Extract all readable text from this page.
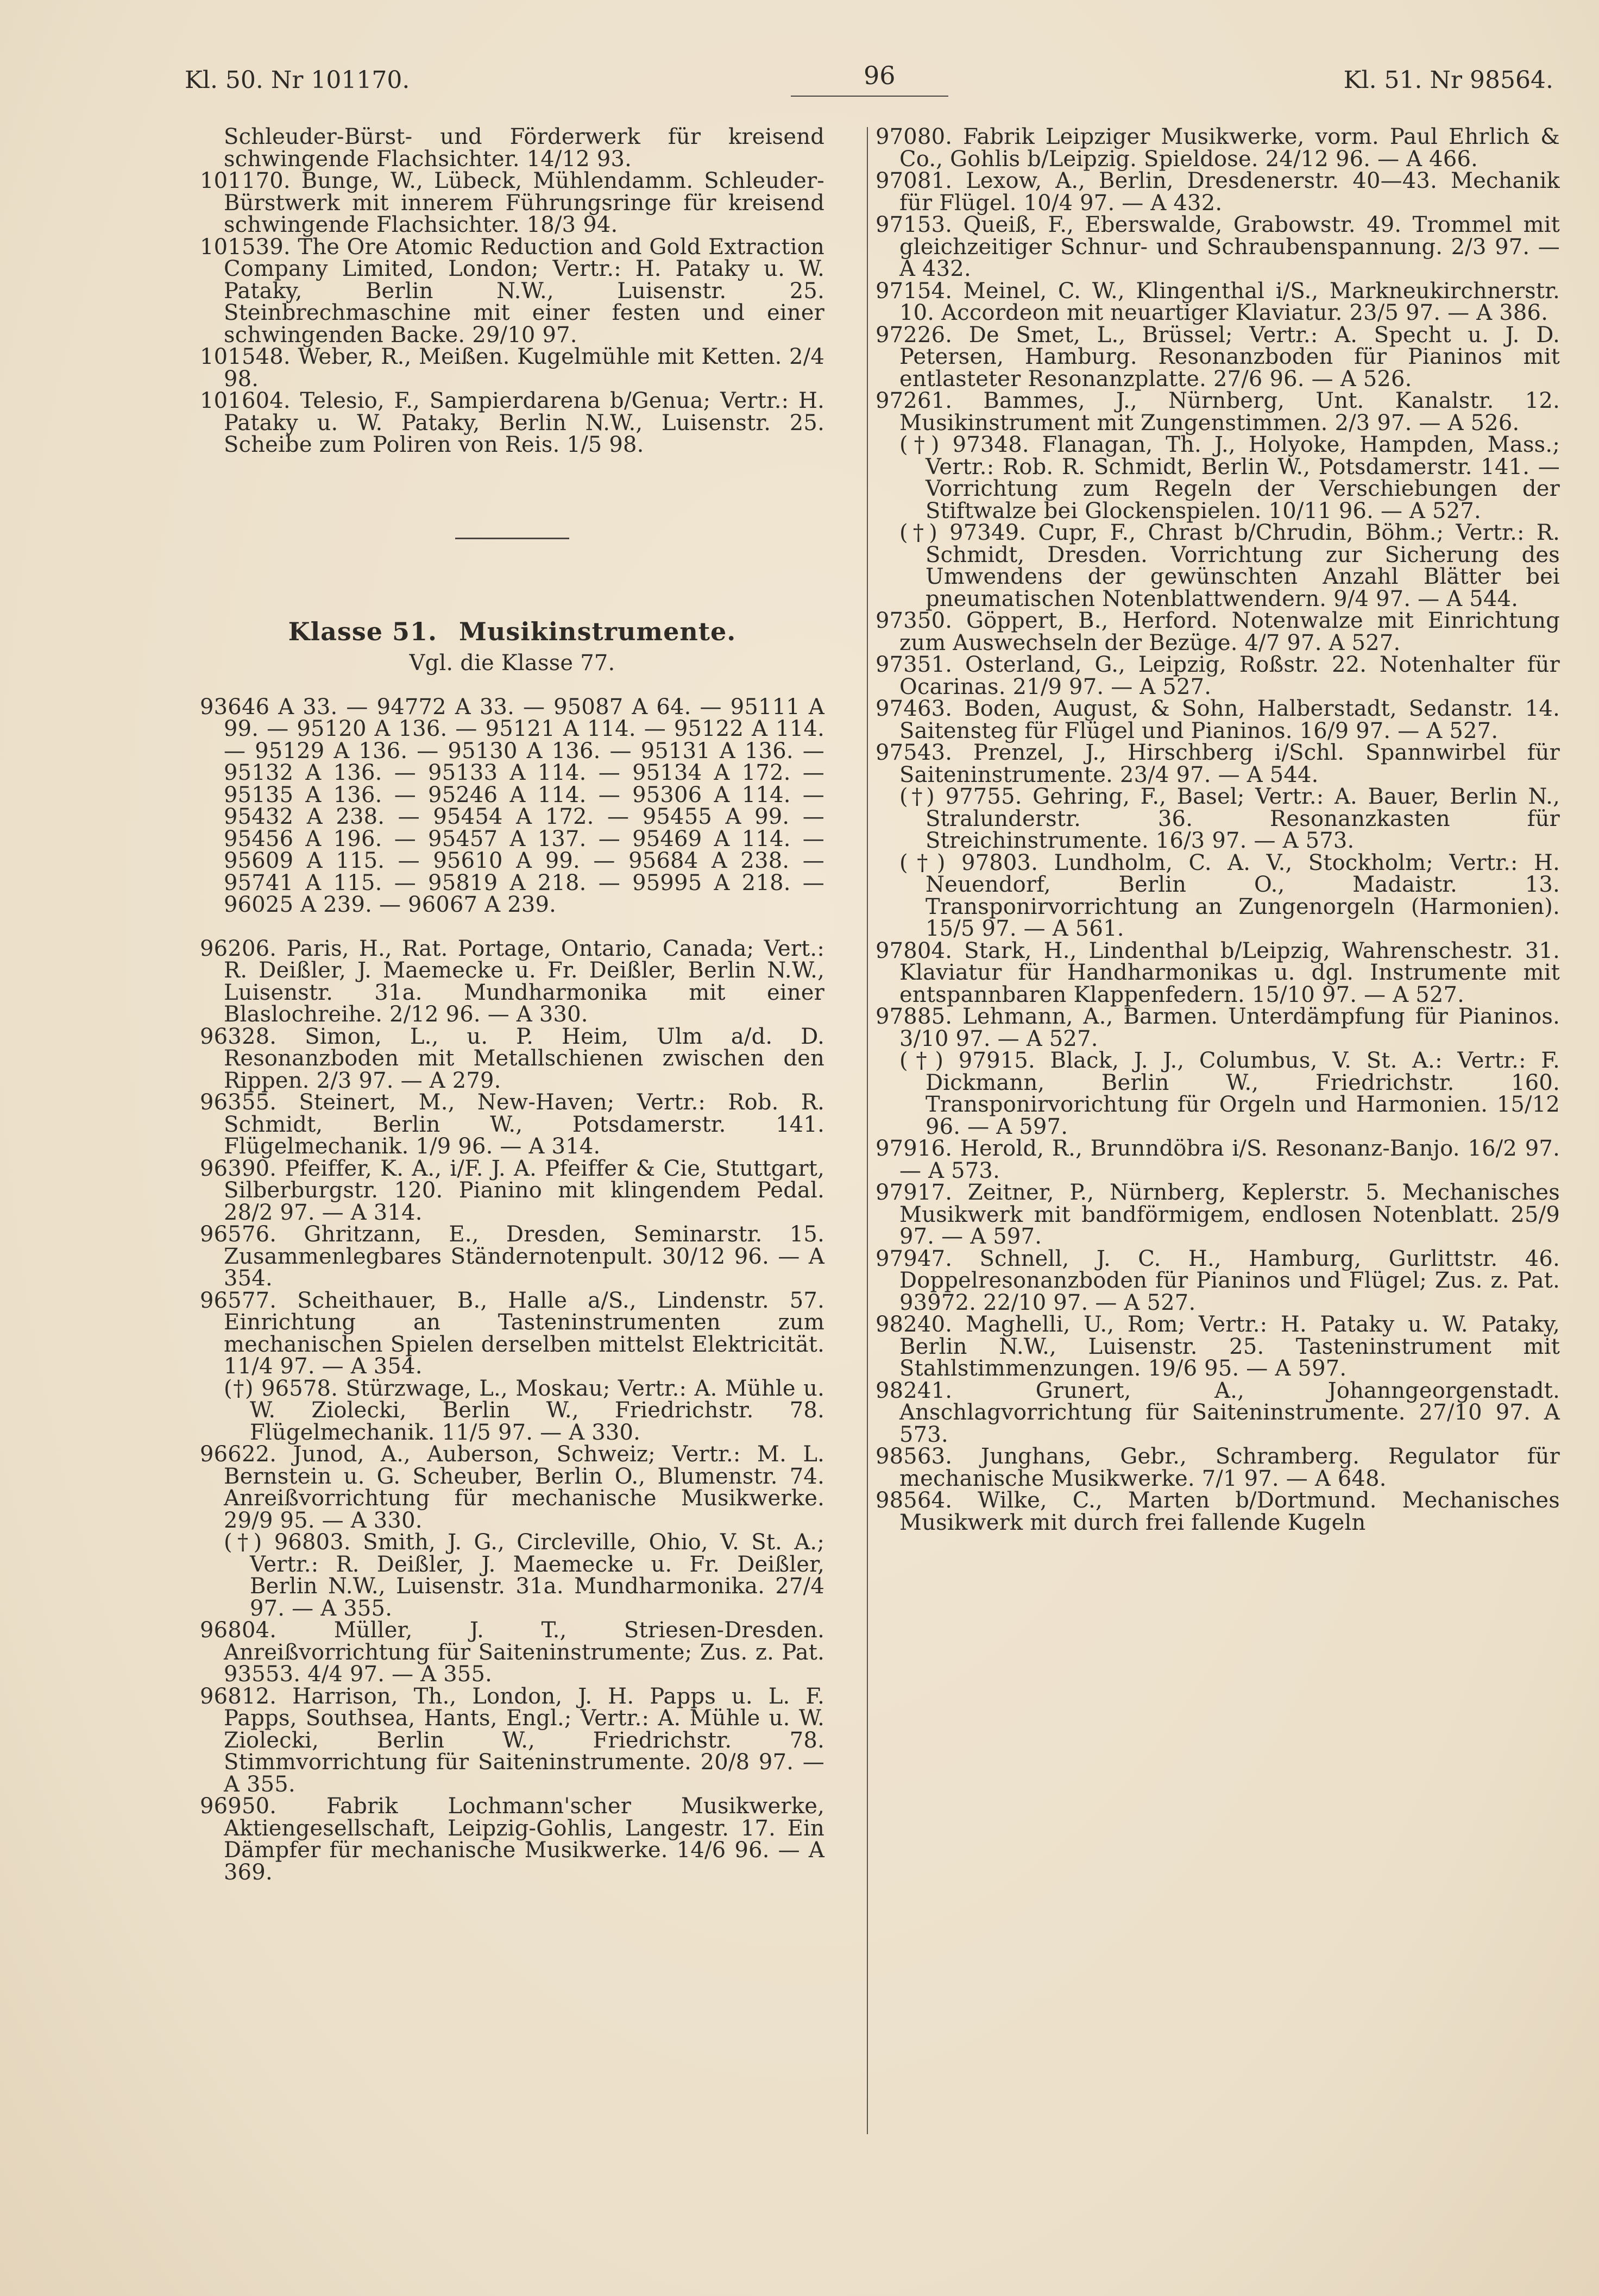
Kl. 50. Nr 101170.	96	Kl. 51. Nr 98564.

Schleuder-Bürst- und Förderwerk für kreisend schwingende Flachsichter. 14/12 93.

101170. Bunge, W., Lübeck, Mühlendamm. Schleuder-Bürstwerk mit innerem Führungsringe für kreisend schwingende Flachsichter. 18/3 94.

101539. The Ore Atomic Reduction and Gold Extraction Company Limited, London; Vertr.: H. Pataky u. W. Pataky, Berlin N.W., Luisenstr. 25. Steinbrechmaschine mit einer festen und einer schwingenden Backe. 29/10 97.

101548. Weber, R., Meißen. Kugelmühle mit Ketten. 2/4 98.

101604. Telesio, F., Sampierdarena b/Genua; Vertr.: H. Pataky u. W. Pataky, Berlin N.W., Luisenstr. 25. Scheibe zum Poliren von Reis. 1/5 98.

Klasse 51. Musikinstrumente.
Vgl. die Klasse 77.

93646 A 33. — 94772 A 33. — 95087 A 64. — 95111 A 99. — 95120 A 136. — 95121 A 114. — 95122 A 114. — 95129 A 136. — 95130 A 136. — 95131 A 136. — 95132 A 136. — 95133 A 114. — 95134 A 172. — 95135 A 136. — 95246 A 114. — 95306 A 114. — 95432 A 238. — 95454 A 172. — 95455 A 99. — 95456 A 196. — 95457 A 137. — 95469 A 114. — 95609 A 115. — 95610 A 99. — 95684 A 238. — 95741 A 115. — 95819 A 218. — 95995 A 218. — 96025 A 239. — 96067 A 239.

96206. Paris, H., Rat. Portage, Ontario, Canada; Vert.: R. Deißler, J. Maemecke u. Fr. Deißler, Berlin N.W., Luisenstr. 31a. Mundharmonika mit einer Blaslochreihe. 2/12 96. — A 330.

96328. Simon, L., u. P. Heim, Ulm a/d. D. Resonanzboden mit Metallschienen zwischen den Rippen. 2/3 97. — A 279.

96355. Steinert, M., New-Haven; Vertr.: Rob. R. Schmidt, Berlin W., Potsdamerstr. 141. Flügelmechanik. 1/9 96. — A 314.

96390. Pfeiffer, K. A., i/F. J. A. Pfeiffer & Cie, Stuttgart, Silberburgstr. 120. Pianino mit klingendem Pedal. 28/2 97. — A 314.

96576. Ghritzann, E., Dresden, Seminarstr. 15. Zusammenlegbares Ständernotenpult. 30/12 96. — A 354.

96577. Scheithauer, B., Halle a/S., Lindenstr. 57. Einrichtung an Tasteninstrumenten zum mechanischen Spielen derselben mittelst Elektricität. 11/4 97. — A 354.

(†) 96578. Stürzwage, L., Moskau; Vertr.: A. Mühle u. W. Ziolecki, Berlin W., Friedrichstr. 78. Flügelmechanik. 11/5 97. — A 330.

96622. Junod, A., Auberson, Schweiz; Vertr.: M. L. Bernstein u. G. Scheuber, Berlin O., Blumenstr. 74. Anreißvorrichtung für mechanische Musikwerke. 29/9 95. — A 330.

(†) 96803. Smith, J. G., Circleville, Ohio, V. St. A.; Vertr.: R. Deißler, J. Maemecke u. Fr. Deißler, Berlin N.W., Luisenstr. 31a. Mundharmonika. 27/4 97. — A 355.

96804.	Müller, J. T., Striesen-Dresden. Anreißvorrichtung für Saiteninstrumente; Zus. z. Pat. 93553. 4/4 97. — A 355.

96812. Harrison, Th., London, J. H. Papps u. L. F. Papps, Southsea, Hants, Engl.; Vertr.: A. Mühle u. W. Ziolecki, Berlin W., Friedrichstr. 78. Stimmvorrichtung für Saiteninstrumente. 20/8 97. — A 355.

96950. Fabrik Lochmann'scher Musikwerke, Aktiengesellschaft, Leipzig-Gohlis, Langestr. 17. Ein Dämpfer für mechanische Musikwerke. 14/6 96. — A 369.

97080. Fabrik Leipziger Musikwerke, vorm. Paul Ehrlich & Co., Gohlis b/Leipzig. Spieldose. 24/12 96. — A 466.

97081. Lexow, A., Berlin, Dresdenerstr. 40—43. Mechanik für Flügel. 10/4 97. — A 432.

97153. Queiß, F., Eberswalde, Grabowstr. 49. Trommel mit gleichzeitiger Schnur- und Schraubenspannung. 2/3 97. — A 432.

97154. Meinel, C. W., Klingenthal i/S., Markneukirchnerstr. 10. Accordeon mit neuartiger Klaviatur. 23/5 97. — A 386.

97226. De Smet, L., Brüssel; Vertr.: A. Specht u. J. D. Petersen, Hamburg. Resonanzboden für Pianinos mit entlasteter Resonanzplatte. 27/6 96. — A 526.

97261. Bammes, J., Nürnberg, Unt. Kanalstr. 12. Musikinstrument mit Zungenstimmen. 2/3 97. — A 526.

(†) 97348. Flanagan, Th. J., Holyoke, Hampden, Mass.; Vertr.: Rob. R. Schmidt, Berlin W., Potsdamerstr. 141. — Vorrichtung zum Regeln der Verschiebungen der Stiftwalze bei Glockenspielen. 10/11 96. — A 527.

(†) 97349. Cupr, F., Chrast b/Chrudin, Böhm.; Vertr.: R. Schmidt, Dresden. Vorrichtung zur Sicherung des Umwendens der gewünschten Anzahl Blätter bei pneumatischen Notenblattwendern. 9/4 97. — A 544.

97350. Göppert, B., Herford. Notenwalze mit Einrichtung zum Auswechseln der Bezüge. 4/7 97. A 527.

97351. Osterland, G., Leipzig, Roßstr. 22. Notenhalter für Ocarinas. 21/9 97. — A 527.

97463. Boden, August, & Sohn, Halberstadt, Sedanstr. 14. Saitensteg für Flügel und Pianinos. 16/9 97. — A 527.

97543. Prenzel, J., Hirschberg i/Schl. Spannwirbel für Saiteninstrumente. 23/4 97. — A 544.

(†) 97755. Gehring, F., Basel; Vertr.: A. Bauer, Berlin N., Stralunderstr. 36. Resonanzkasten für Streichinstrumente. 16/3 97. — A 573.

(†) 97803. Lundholm, C. A. V., Stockholm; Vertr.: H. Neuendorf, Berlin O., Madaistr. 13. Transponirvorrichtung an Zungenorgeln (Harmonien). 15/5 97. — A 561.

97804. Stark, H., Lindenthal b/Leipzig, Wahrenschestr. 31. Klaviatur für Handharmonikas u. dgl. Instrumente mit entspannbaren Klappenfedern. 15/10 97. — A 527.

97885. Lehmann, A., Barmen. Unterdämpfung für Pianinos. 3/10 97. — A 527.

(†) 97915. Black, J. J., Columbus, V. St. A.: Vertr.: F. Dickmann, Berlin W., Friedrichstr. 160. Transponirvorichtung für Orgeln und Harmonien. 15/12 96. — A 597.

97916. Herold, R., Brunndöbra i/S. Resonanz-Banjo. 16/2 97. — A 573.

97917. Zeitner, P., Nürnberg, Keplerstr. 5. Mechanisches Musikwerk mit bandförmigem, endlosen Notenblatt. 25/9 97. — A 597.

97947. Schnell, J. C. H., Hamburg, Gurlittstr. 46. Doppelresonanzboden für Pianinos und Flügel; Zus. z. Pat. 93972. 22/10 97. — A 527.

98240. Maghelli, U., Rom; Vertr.: H. Pataky u. W. Pataky, Berlin N.W., Luisenstr. 25. Tasteninstrument mit Stahlstimmenzungen. 19/6 95. — A 597.

98241.	Grunert, A., Johanngeorgenstadt. Anschlagvorrichtung für Saiteninstrumente. 27/10 97. A 573.

98563. Junghans, Gebr., Schramberg. Regulator für mechanische Musikwerke. 7/1 97. — A 648.

98564. Wilke, C., Marten b/Dortmund. Mechanisches Musikwerk mit durch frei fallende Kugeln
